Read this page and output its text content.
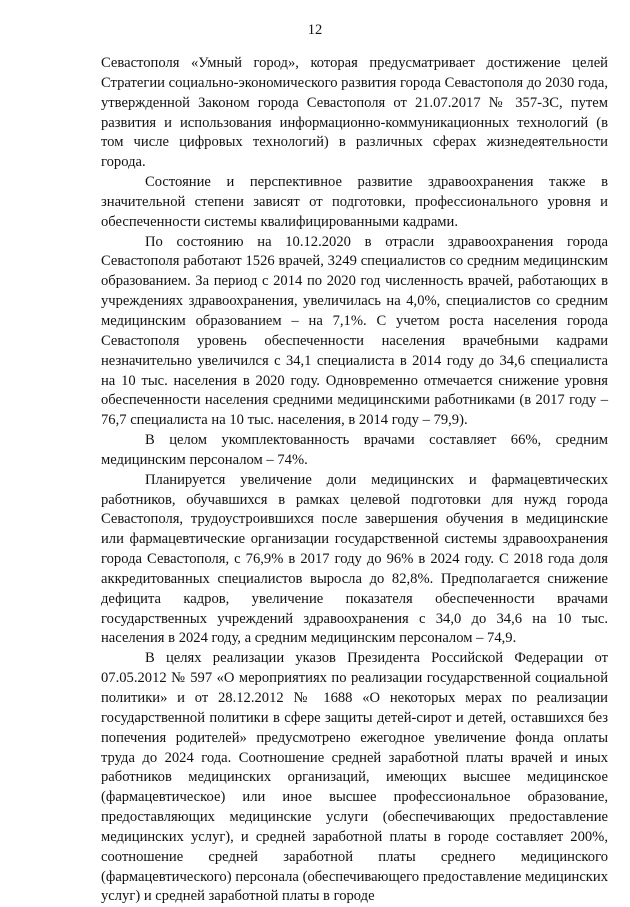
12

Севастополя «Умный город», которая предусматривает достижение целей Стратегии социально-экономического развития города Севастополя до 2030 года, утвержденной Законом города Севастополя от 21.07.2017 № 357-ЗС, путем развития и использования информационно-коммуникационных технологий (в том числе цифровых технологий) в различных сферах жизнедеятельности города.

Состояние и перспективное развитие здравоохранения также в значительной степени зависят от подготовки, профессионального уровня и обеспеченности системы квалифицированными кадрами.

По состоянию на 10.12.2020 в отрасли здравоохранения города Севастополя работают 1526 врачей, 3249 специалистов со средним медицинским образованием. За период с 2014 по 2020 год численность врачей, работающих в учреждениях здравоохранения, увеличилась на 4,0%, специалистов со средним медицинским образованием – на 7,1%. С учетом роста населения города Севастополя уровень обеспеченности населения врачебными кадрами незначительно увеличился с 34,1 специалиста в 2014 году до 34,6 специалиста на 10 тыс. населения в 2020 году. Одновременно отмечается снижение уровня обеспеченности населения средними медицинскими работниками (в 2017 году – 76,7 специалиста на 10 тыс. населения, в 2014 году – 79,9).

В целом укомплектованность врачами составляет 66%, средним медицинским персоналом – 74%.

Планируется увеличение доли медицинских и фармацевтических работников, обучавшихся в рамках целевой подготовки для нужд города Севастополя, трудоустроившихся после завершения обучения в медицинские или фармацевтические организации государственной системы здравоохранения города Севастополя, с 76,9% в 2017 году до 96% в 2024 году. С 2018 года доля аккредитованных специалистов выросла до 82,8%. Предполагается снижение дефицита кадров, увеличение показателя обеспеченности врачами государственных учреждений здравоохранения с 34,0 до 34,6 на 10 тыс. населения в 2024 году, а средним медицинским персоналом – 74,9.

В целях реализации указов Президента Российской Федерации от 07.05.2012 № 597 «О мероприятиях по реализации государственной социальной политики» и от 28.12.2012 № 1688 «О некоторых мерах по реализации государственной политики в сфере защиты детей-сирот и детей, оставшихся без попечения родителей» предусмотрено ежегодное увеличение фонда оплаты труда до 2024 года. Соотношение средней заработной платы врачей и иных работников медицинских организаций, имеющих высшее медицинское (фармацевтическое) или иное высшее профессиональное образование, предоставляющих медицинские услуги (обеспечивающих предоставление медицинских услуг), и средней заработной платы в городе составляет 200%, соотношение средней заработной платы среднего медицинского (фармацевтического) персонала (обеспечивающего предоставление медицинских услуг) и средней заработной платы в городе
